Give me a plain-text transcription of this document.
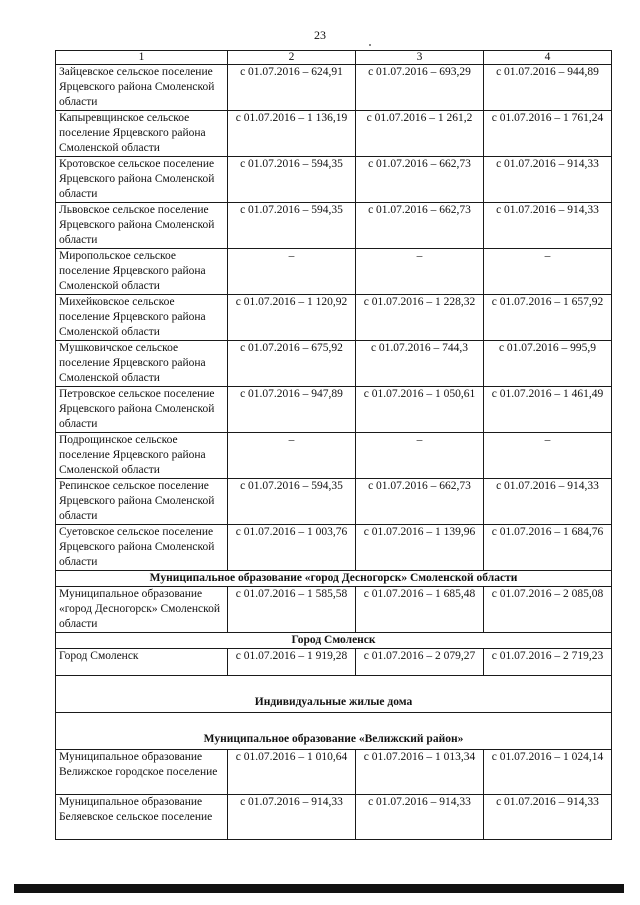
23
1	2	3	4
Зайцевское сельское поселение Ярцевского района Смоленской области	с 01.07.2016 – 624,91	с 01.07.2016 – 693,29	с 01.07.2016 – 944,89
Капыревщинское сельское поселение Ярцевского района Смоленской области	с 01.07.2016 – 1 136,19	с 01.07.2016 – 1 261,2	с 01.07.2016 – 1 761,24
Кротовское сельское поселение Ярцевского района Смоленской области	с 01.07.2016 – 594,35	с 01.07.2016 – 662,73	с 01.07.2016 – 914,33
Львовское сельское поселение Ярцевского района Смоленской области	с 01.07.2016 – 594,35	с 01.07.2016 – 662,73	с 01.07.2016 – 914,33
Миропольское сельское поселение Ярцевского района Смоленской области	–	–	–
Михейковское сельское поселение Ярцевского района Смоленской области	с 01.07.2016 – 1 120,92	с 01.07.2016 – 1 228,32	с 01.07.2016 – 1 657,92
Мушковичское сельское поселение Ярцевского района Смоленской области	с 01.07.2016 – 675,92	с 01.07.2016 – 744,3	с 01.07.2016 – 995,9
Петровское сельское поселение Ярцевского района Смоленской области	с 01.07.2016 – 947,89	с 01.07.2016 – 1 050,61	с 01.07.2016 – 1 461,49
Подрощинское сельское поселение Ярцевского района Смоленской области	–	–	–
Репинское сельское поселение Ярцевского района Смоленской области	с 01.07.2016 – 594,35	с 01.07.2016 – 662,73	с 01.07.2016 – 914,33
Суетовское сельское поселение Ярцевского района Смоленской области	с 01.07.2016 – 1 003,76	с 01.07.2016 – 1 139,96	с 01.07.2016 – 1 684,76
Муниципальное образование «город Десногорск» Смоленской области			
Муниципальное образование «город Десногорск» Смоленской области	с 01.07.2016 – 1 585,58	с 01.07.2016 – 1 685,48	с 01.07.2016 – 2 085,08
Город Смоленск			
Город Смоленск	с 01.07.2016 – 1 919,28	с 01.07.2016 – 2 079,27	с 01.07.2016 – 2 719,23
Индивидуальные жилые дома			
Муниципальное образование «Велижский район»			
Муниципальное образование Велижское городское поселение	с 01.07.2016 – 1 010,64	с 01.07.2016 – 1 013,34	с 01.07.2016 – 1 024,14
Муниципальное образование Беляевское сельское поселение	с 01.07.2016 – 914,33	с 01.07.2016 – 914,33	с 01.07.2016 – 914,33
